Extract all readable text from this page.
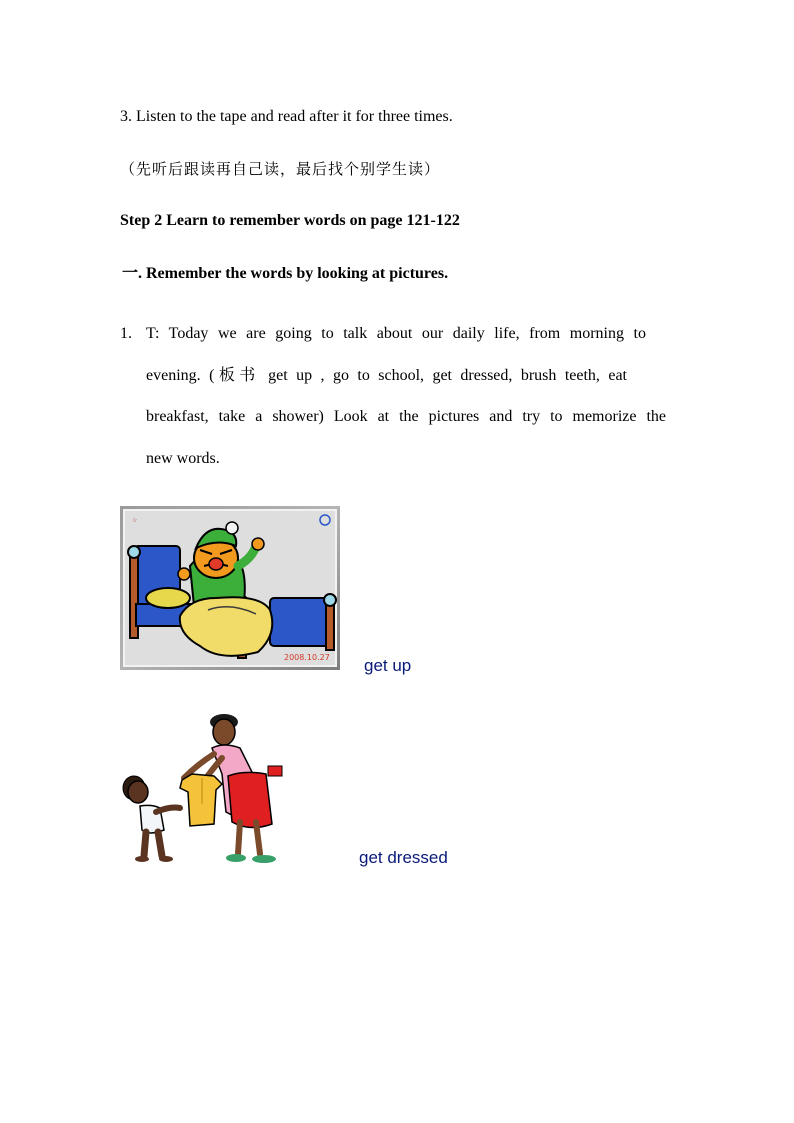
3. Listen to the tape and read after it for three times.
（先听后跟读再自己读，最后找个别学生读）
Step 2 Learn to remember words on page 121-122
一. Remember the words by looking at pictures.
1. T: Today we are going to talk about our daily life, from morning to
evening. (板书 get up , go to school, get dressed, brush teeth, eat
breakfast, take a shower) Look at the pictures and try to memorize the
new words.
☆
2008.10.27 get up
get dressed
